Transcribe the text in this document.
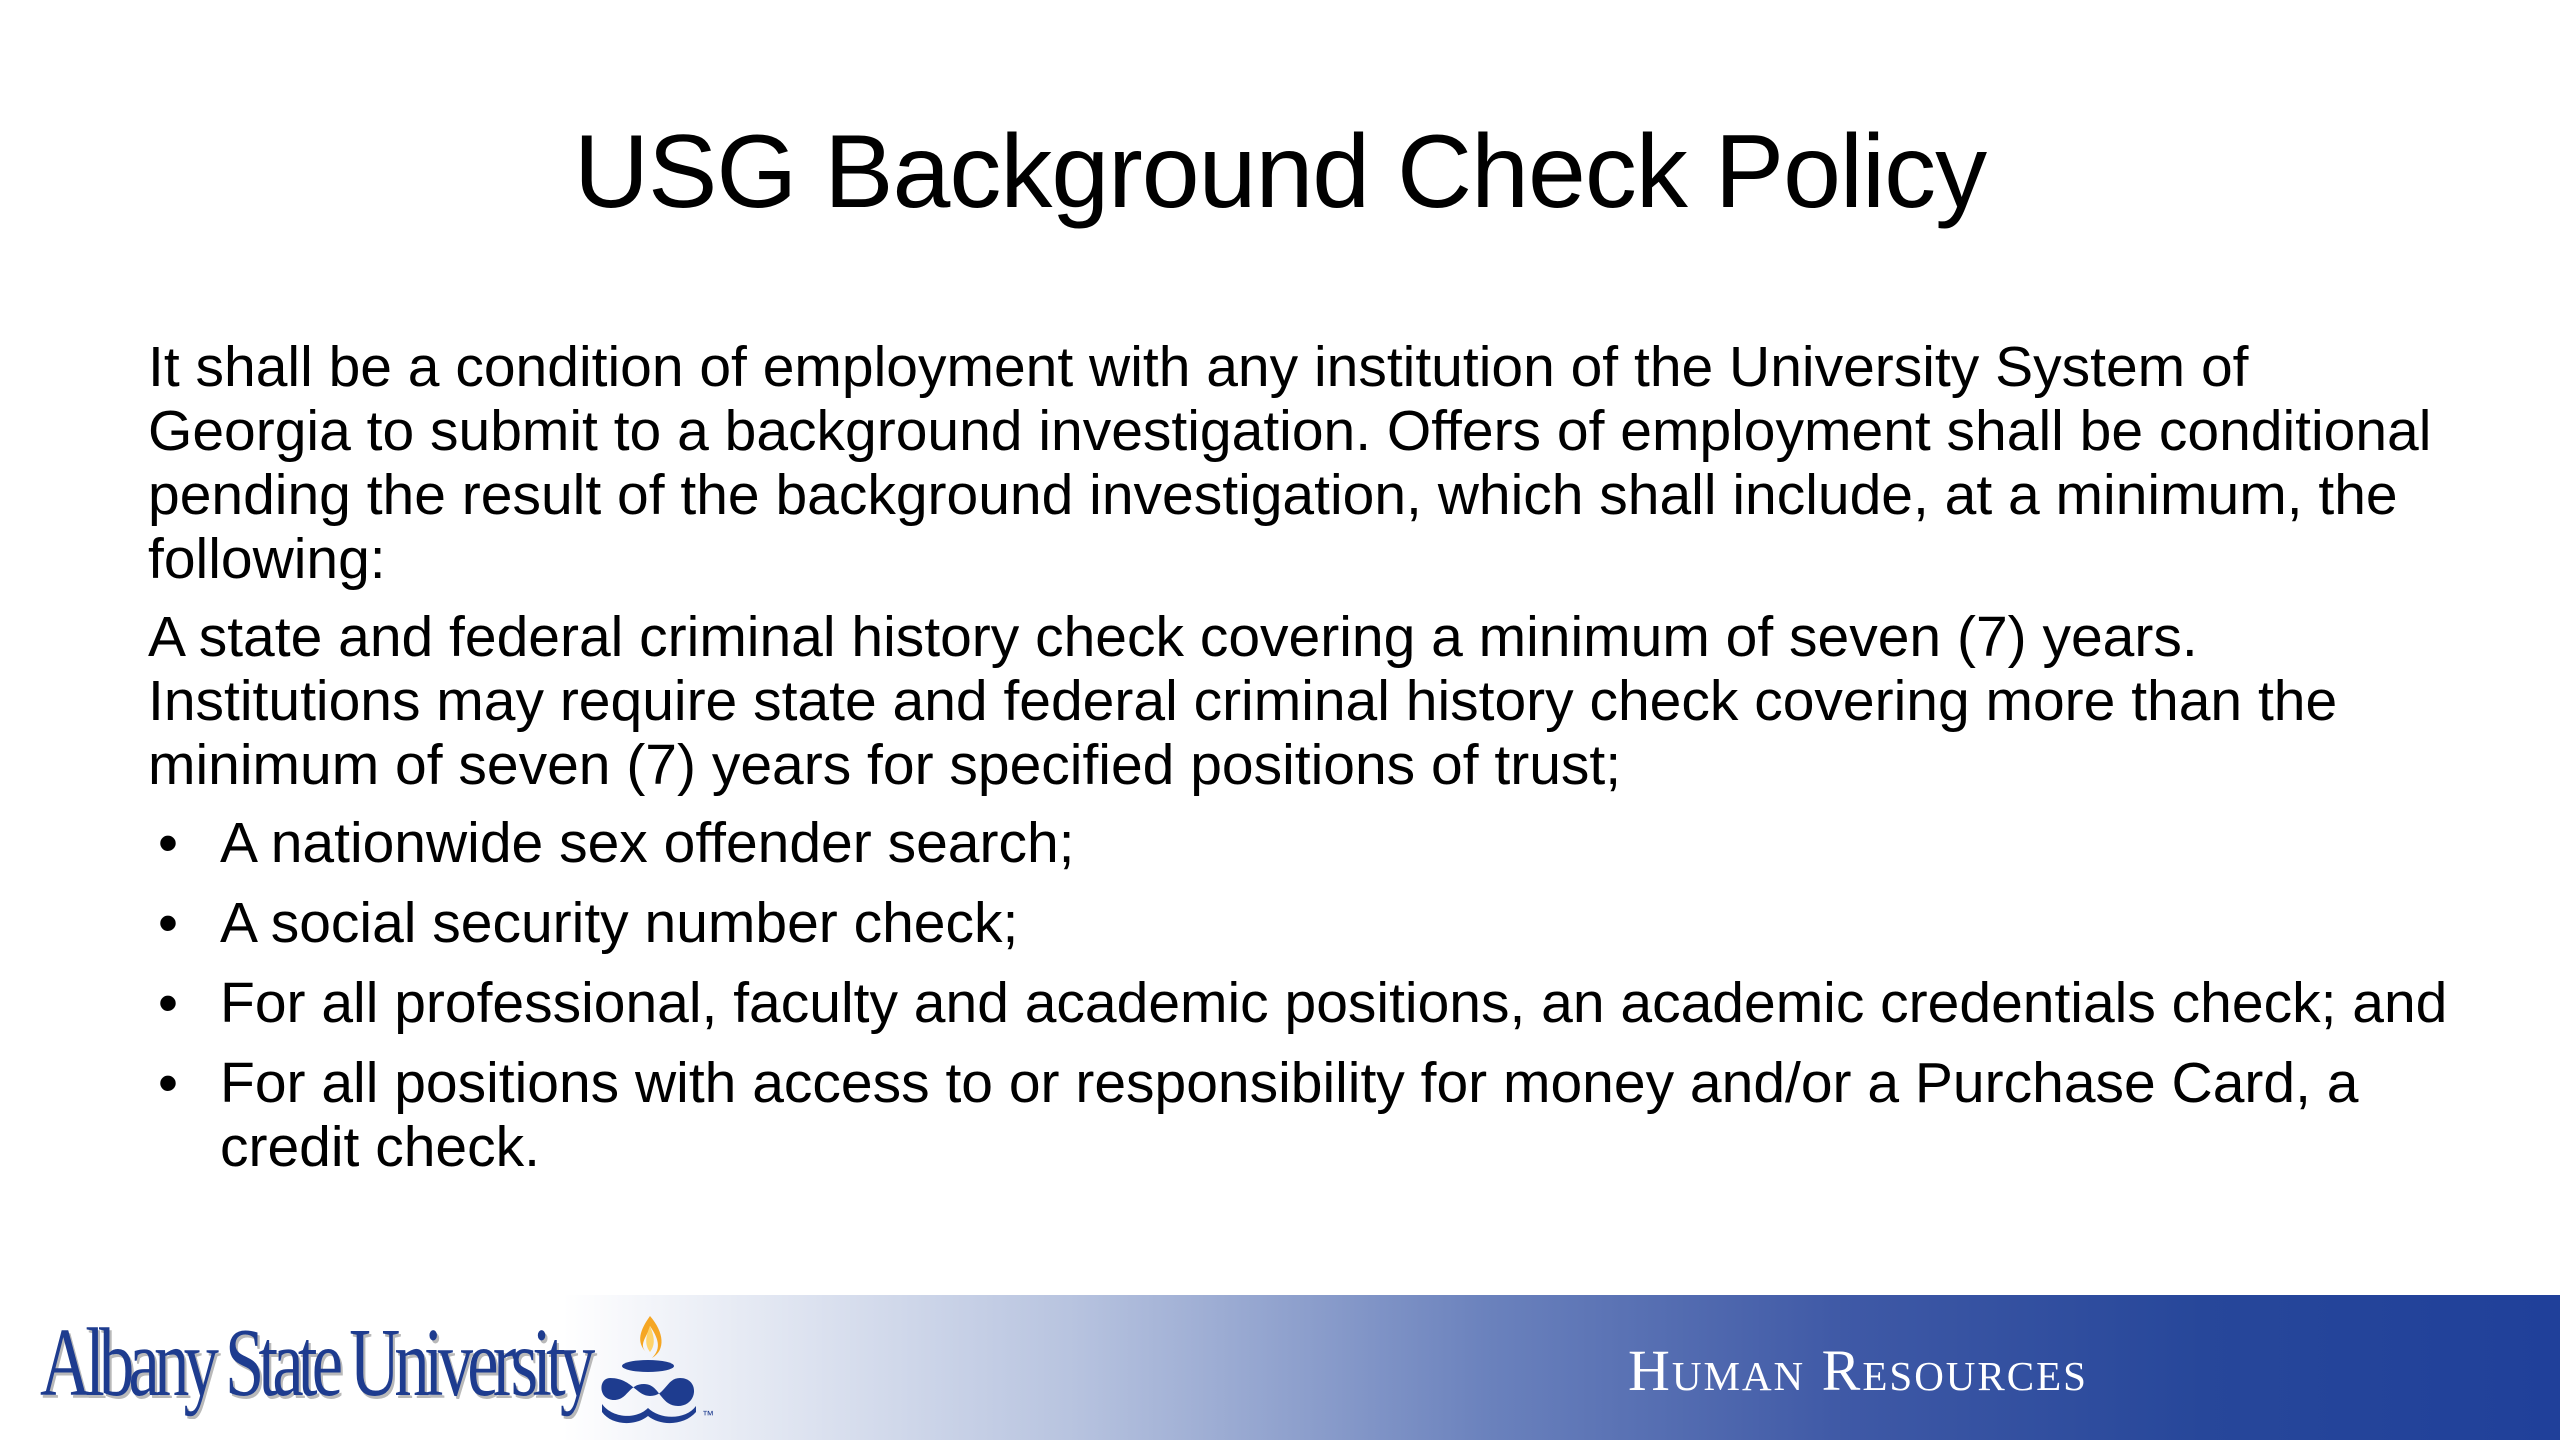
USG Background Check Policy

It shall be a condition of employment with any institution of the University System of Georgia to submit to a background investigation. Offers of employment shall be conditional pending the result of the background investigation, which shall include, at a minimum, the following:

A state and federal criminal history check covering a minimum of seven (7) years. Institutions may require state and federal criminal history check covering more than the minimum of seven (7) years for specified positions of trust;

• A nationwide sex offender search;
• A social security number check;
• For all professional, faculty and academic positions, an academic credentials check; and
• For all positions with access to or responsibility for money and/or a Purchase Card, a credit check.
Albany State University	™
Human Resources
